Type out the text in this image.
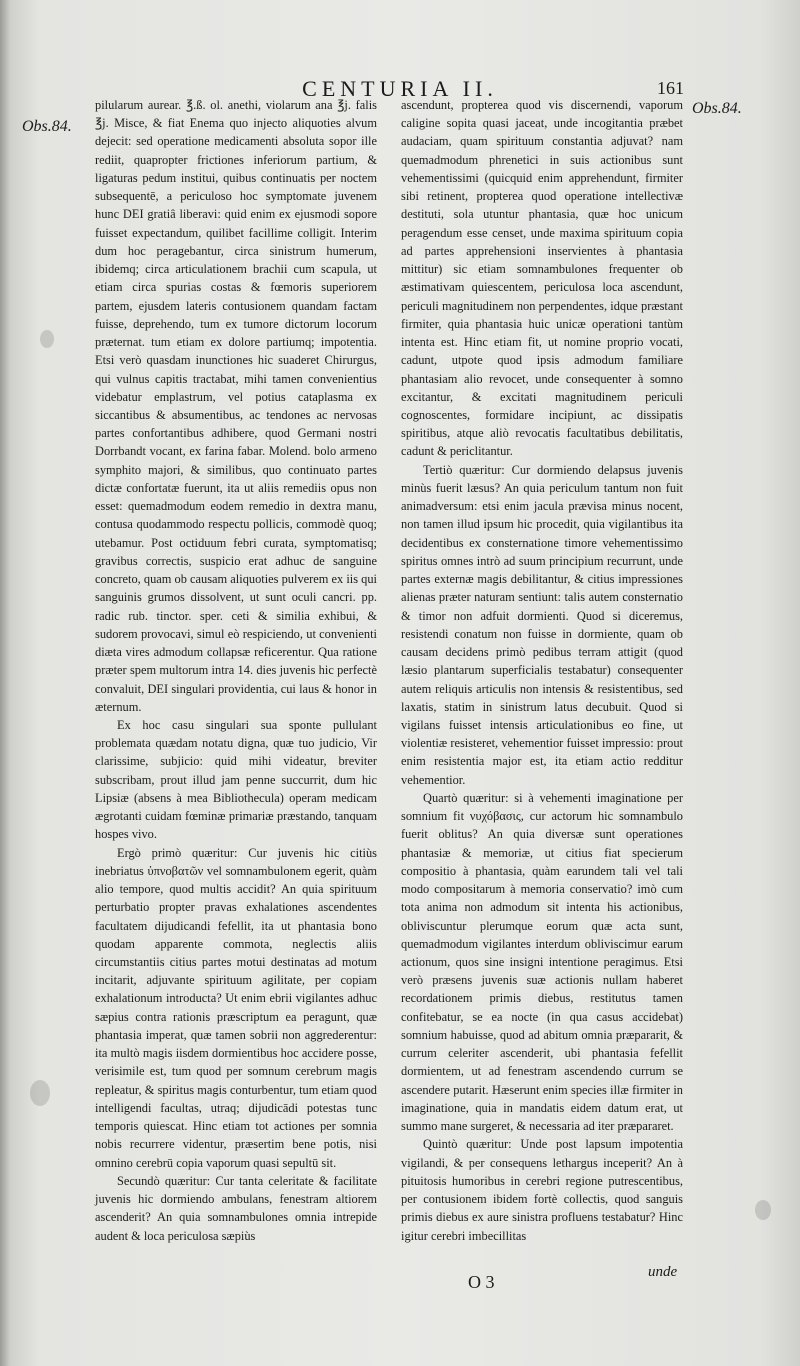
CENTURIA II.	161
Obs.84.
Obs.84.

pilularum aurear. ℥.ß. ol. anethi, violarum ana ℥j. falis ℥j. Misce, & fiat Enema quo injecto aliquoties alvum dejecit: sed operatione medicamenti absoluta sopor ille rediit, quapropter frictiones inferiorum partium, & ligaturas pedum institui, quibus continuatis per noctem subsequentē, a periculoso hoc symptomate juvenem hunc DEI gratiâ liberavi: quid enim ex ejusmodi sopore fuisset expectandum, quilibet facillime colligit. Interim dum hoc peragebantur, circa sinistrum humerum, ibidemq; circa articulationem brachii cum scapula, ut etiam circa spurias costas & fœmoris superiorem partem, ejusdem lateris contusionem quandam factam fuisse, deprehendo, tum ex tumore dictorum locorum præternat. tum etiam ex dolore partiumq; impotentia. Etsi verò quasdam inunctiones hic suaderet Chirurgus, qui vulnus capitis tractabat, mihi tamen convenientius videbatur emplastrum, vel potius cataplasma ex siccantibus & absumentibus, ac tendones ac nervosas partes confortantibus adhibere, quod Germani nostri Dorrbandt vocant, ex farina fabar. Molend. bolo armeno symphito majori, & similibus, quo continuato partes dictæ confortatæ fuerunt, ita ut aliis remediis opus non esset: quemadmodum eodem remedio in dextra manu, contusa quodammodo respectu pollicis, commodè quoq; utebamur. Post octiduum febri curata, symptomatisq; gravibus correctis, suspicio erat adhuc de sanguine concreto, quam ob causam aliquoties pulverem ex iis qui sanguinis grumos dissolvent, ut sunt oculi cancri. pp. radic rub. tinctor. sper. ceti & similia exhibui, & sudorem provocavi, simul eò respiciendo, ut convenienti diæta vires admodum collapsæ reficerentur. Qua ratione præter spem multorum intra 14. dies juvenis hic perfectè convaluit, DEI singulari providentia, cui laus & honor in æternum.

Ex hoc casu singulari sua sponte pullulant problemata quædam notatu digna, quæ tuo judicio, Vir clarissime, subjicio: quid mihi videatur, breviter subscribam, prout illud jam penne succurrit, dum hic Lipsiæ (absens à mea Bibliothecula) operam medicam ægrotanti cuidam fœminæ primariæ præstando, tanquam hospes vivo.

Ergò primò quæritur: Cur juvenis hic citiùs inebriatus ὑπνοβατῶν vel somnambulonem egerit, quàm alio tempore, quod multis accidit? An quia spirituum perturbatio propter pravas exhalationes ascendentes facultatem dijudicandi fefellit, ita ut phantasia bono quodam apparente commota, neglectis aliis circumstantiis citius partes motui destinatas ad motum incitarit, adjuvante spirituum agilitate, per copiam exhalationum introducta? Ut enim ebrii vigilantes adhuc sæpius contra rationis præscriptum ea peragunt, quæ phantasia imperat, quæ tamen sobrii non aggrederentur: ita multò magis iisdem dormientibus hoc accidere posse, verisimile est, tum quod per somnum cerebrum magis repleatur, & spiritus magis conturbentur, tum etiam quod intelligendi facultas, utraq; dijudicādi potestas tunc temporis quiescat. Hinc etiam tot actiones per somnia nobis recurrere videntur, præsertim bene potis, nisi omnino cerebrū copia vaporum quasi sepultū sit.

Secundò quæritur: Cur tanta celeritate & facilitate juvenis hic dormiendo ambulans, fenestram altiorem ascenderit? An quia somnambulones omnia intrepide audent & loca periculosa sæpiùs

ascendunt, propterea quod vis discernendi, vaporum caligine sopita quasi jaceat, unde incogitantia præbet audaciam, quam spirituum constantia adjuvat? nam quemadmodum phrenetici in suis actionibus sunt vehementissimi (quicquid enim apprehendunt, firmiter sibi retinent, propterea quod operatione intellectivæ destituti, sola utuntur phantasia, quæ hoc unicum peragendum esse censet, unde maxima spirituum copia ad partes apprehensioni inservientes à phantasia mittitur) sic etiam somnambulones frequenter ob æstimativam quiescentem, periculosa loca ascendunt, periculi magnitudinem non perpendentes, idque præstant firmiter, quia phantasia huic unicæ operationi tantùm intenta est. Hinc etiam fit, ut nomine proprio vocati, cadunt, utpote quod ipsis admodum familiare phantasiam alio revocet, unde consequenter à somno excitantur, & excitati magnitudinem periculi cognoscentes, formidare incipiunt, ac dissipatis spiritibus, atque aliò revocatis facultatibus debilitatis, cadunt & periclitantur.

Tertiò quæritur: Cur dormiendo delapsus juvenis minùs fuerit læsus? An quia periculum tantum non fuit animadversum: etsi enim jacula prævisa minus nocent, non tamen illud ipsum hic procedit, quia vigilantibus ita decidentibus ex consternatione timore vehementissimo spiritus omnes intrò ad suum principium recurrunt, unde partes externæ magis debilitantur, & citius impressiones alienas præter naturam sentiunt: talis autem consternatio & timor non adfuit dormienti. Quod si diceremus, resistendi conatum non fuisse in dormiente, quam ob causam decidens primò pedibus terram attigit (quod læsio plantarum superficialis testabatur) consequenter autem reliquis articulis non intensis & resistentibus, sed laxatis, statim in sinistrum latus decubuit. Quod si vigilans fuisset intensis articulationibus eo fine, ut violentiæ resisteret, vehementior fuisset impressio: prout enim resistentia major est, ita etiam actio redditur vehementior.

Quartò quæritur: si à vehementi imaginatione per somnium fit νυχόβασις, cur actorum hic somnambulo fuerit oblitus? An quia diversæ sunt operationes phantasiæ & memoriæ, ut citius fiat specierum compositio à phantasia, quàm earundem tali vel tali modo compositarum à memoria conservatio? imò cum tota anima non admodum sit intenta his actionibus, obliviscuntur plerumque eorum quæ acta sunt, quemadmodum vigilantes interdum obliviscimur earum actionum, quos sine insigni intentione peragimus. Etsi verò præsens juvenis suæ actionis nullam haberet recordationem primis diebus, restitutus tamen confitebatur, se ea nocte (in qua casus accidebat) somnium habuisse, quod ad abitum omnia præpararit, & currum celeriter ascenderit, ubi phantasia fefellit dormientem, ut ad fenestram ascendendo currum se ascendere putarit. Hæserunt enim species illæ firmiter in imaginatione, quia in mandatis eidem datum erat, ut summo mane surgeret, & necessaria ad iter præpararet.

Quintò quæritur: Unde post lapsum impotentia vigilandi, & per consequens lethargus inceperit? An à pituitosis humoribus in cerebri regione putrescentibus, per contusionem ibidem fortè collectis, quod sanguis primis diebus ex aure sinistra profluens testabatur? Hinc igitur cerebri imbecillitas

O 3	unde
